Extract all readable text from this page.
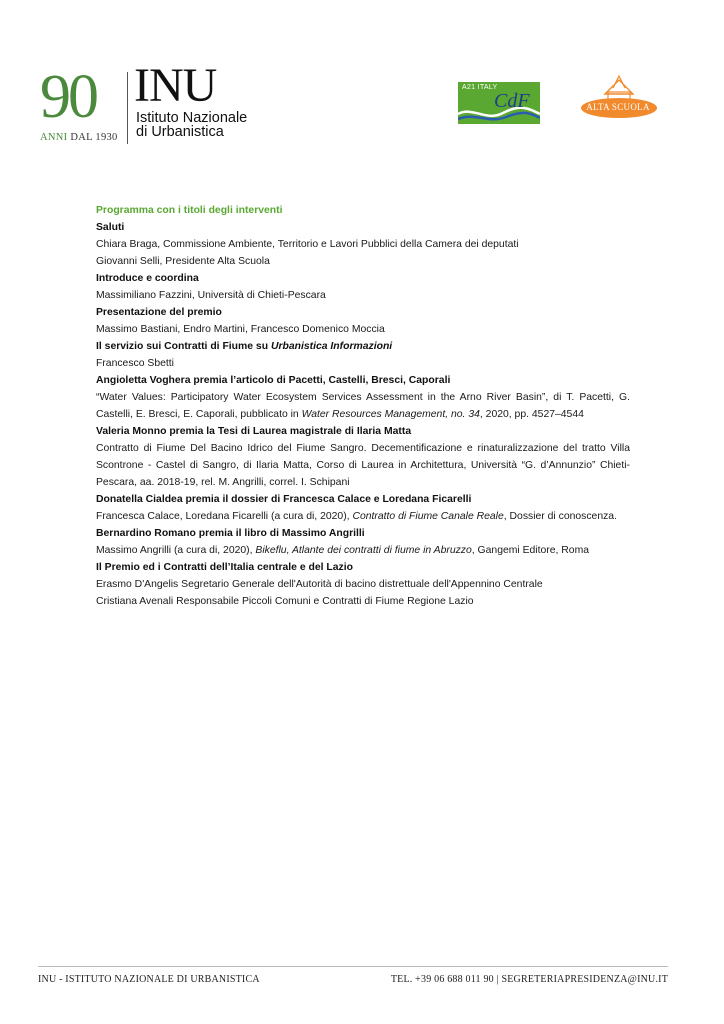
90
ANNI DAL 1930
INU
Istituto Nazionale
di Urbanistica
A21 ITALY
CdF	ALTA SCUOLA

Programma con i titoli degli interventi

Saluti

Chiara Braga, Commissione Ambiente, Territorio e Lavori Pubblici della Camera dei deputati

Giovanni Selli, Presidente Alta Scuola

Introduce e coordina

Massimiliano Fazzini, Università di Chieti-Pescara

Presentazione del premio

Massimo Bastiani, Endro Martini, Francesco Domenico Moccia

Il servizio sui Contratti di Fiume su Urbanistica Informazioni

Francesco Sbetti

Angioletta Voghera premia l’articolo di Pacetti, Castelli, Bresci, Caporali

“Water Values: Participatory Water Ecosystem Services Assessment in the Arno River Basin”, di T. Pacetti, G. Castelli, E. Bresci, E. Caporali, pubblicato in Water Resources Management, no. 34, 2020, pp. 4527–4544

Valeria Monno premia la Tesi di Laurea magistrale di Ilaria Matta

Contratto di Fiume Del Bacino Idrico del Fiume Sangro. Decementificazione e rinaturalizzazione del tratto Villa Scontrone - Castel di Sangro, di Ilaria Matta, Corso di Laurea in Architettura, Università “G. d’Annunzio” Chieti-Pescara, aa. 2018-19, rel. M. Angrilli, correl. I. Schipani

Donatella Cialdea premia il dossier di Francesca Calace e Loredana Ficarelli

Francesca Calace, Loredana Ficarelli (a cura di, 2020), Contratto di Fiume Canale Reale, Dossier di conoscenza.

Bernardino Romano premia il libro di Massimo Angrilli

Massimo Angrilli (a cura di, 2020), Bikeflu, Atlante dei contratti di fiume in Abruzzo, Gangemi Editore, Roma

Il Premio ed i Contratti dell’Italia centrale e del Lazio

Erasmo D'Angelis Segretario Generale dell'Autorità di bacino distrettuale dell'Appennino Centrale

Cristiana Avenali Responsabile Piccoli Comuni e Contratti di Fiume Regione Lazio

INU - ISTITUTO NAZIONALE DI URBANISTICA	TEL. +39 06 688 011 90 | SEGRETERIAPRESIDENZA@INU.IT
